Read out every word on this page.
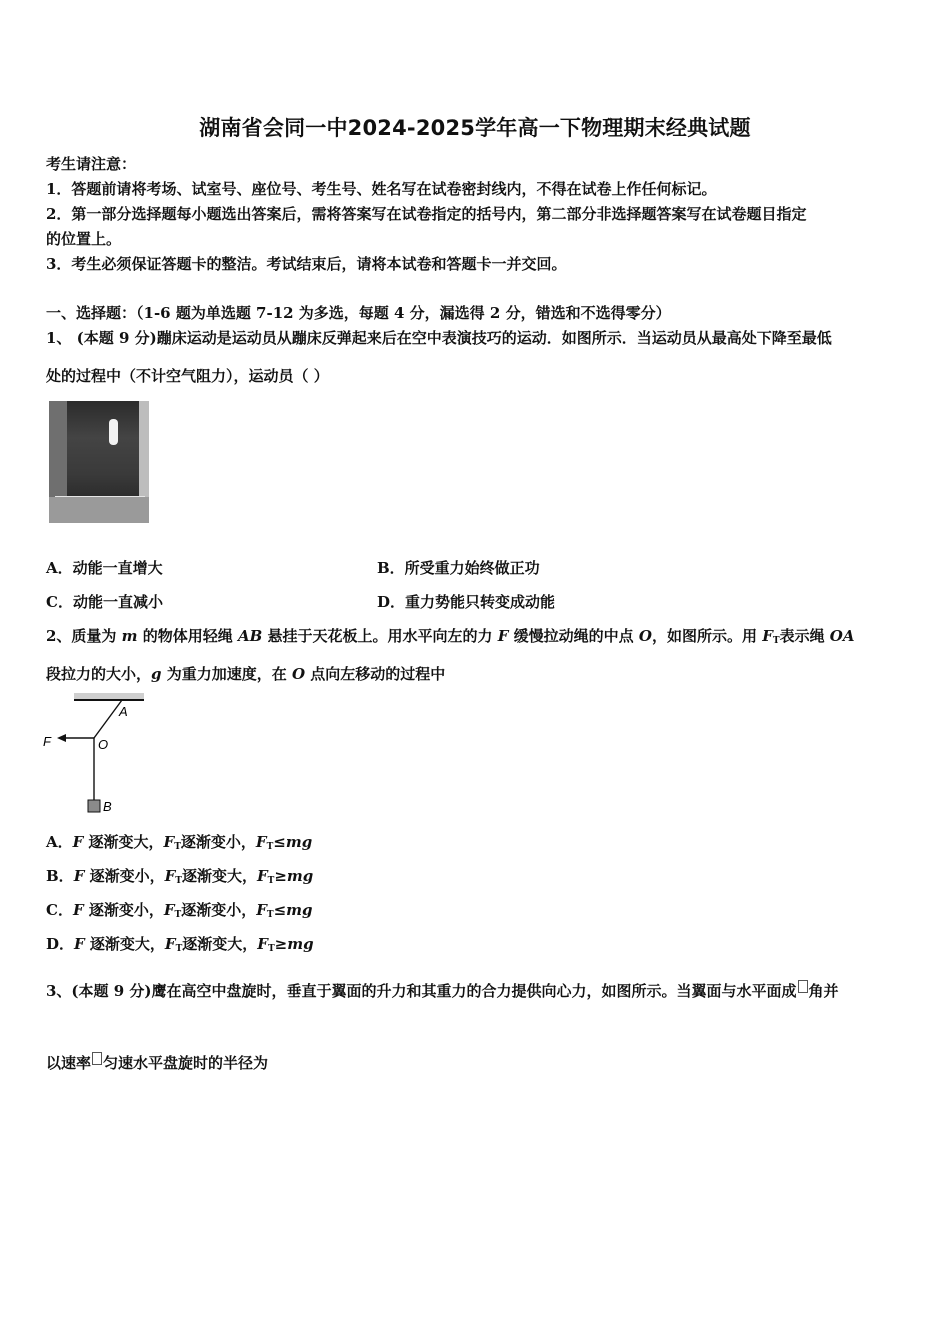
湖南省会同一中2024-2025学年高一下物理期末经典试题
考生请注意：
1．答题前请将考场、试室号、座位号、考生号、姓名写在试卷密封线内，不得在试卷上作任何标记。
2．第一部分选择题每小题选出答案后，需将答案写在试卷指定的括号内，第二部分非选择题答案写在试卷题目指定
的位置上。
3．考生必须保证答题卡的整洁。考试结束后，请将本试卷和答题卡一并交回。
一、选择题：（1-6 题为单选题 7-12 为多选，每题 4 分，漏选得 2 分，错选和不选得零分）
1、 (本题 9 分)蹦床运动是运动员从蹦床反弹起来后在空中表演技巧的运动．如图所示．当运动员从最高处下降至最低
处的过程中（不计空气阻力），运动员（ ）
A．动能一直增大	B．所受重力始终做正功
C．动能一直减小	D．重力势能只转变成动能
2、质量为 m 的物体用轻绳 AB 悬挂于天花板上。用水平向左的力 F 缓慢拉动绳的中点 O，如图所示。用 $F_T$表示绳 OA
段拉力的大小，g 为重力加速度，在 O 点向左移动的过程中
A
O
B
F
A．F 逐渐变大，$F_T$逐渐变小，$F_T\le mg$
B．F 逐渐变小，$F_T$逐渐变大，$F_T\ge mg$
C．F 逐渐变小，$F_T$逐渐变小，$F_T\le mg$
D．F 逐渐变大，$F_T$逐渐变大，$F_T\ge mg$
3、(本题 9 分)鹰在高空中盘旋时，垂直于翼面的升力和其重力的合力提供向心力，如图所示。当翼面与水平面成 角并
以速率 匀速水平盘旋时的半径为
